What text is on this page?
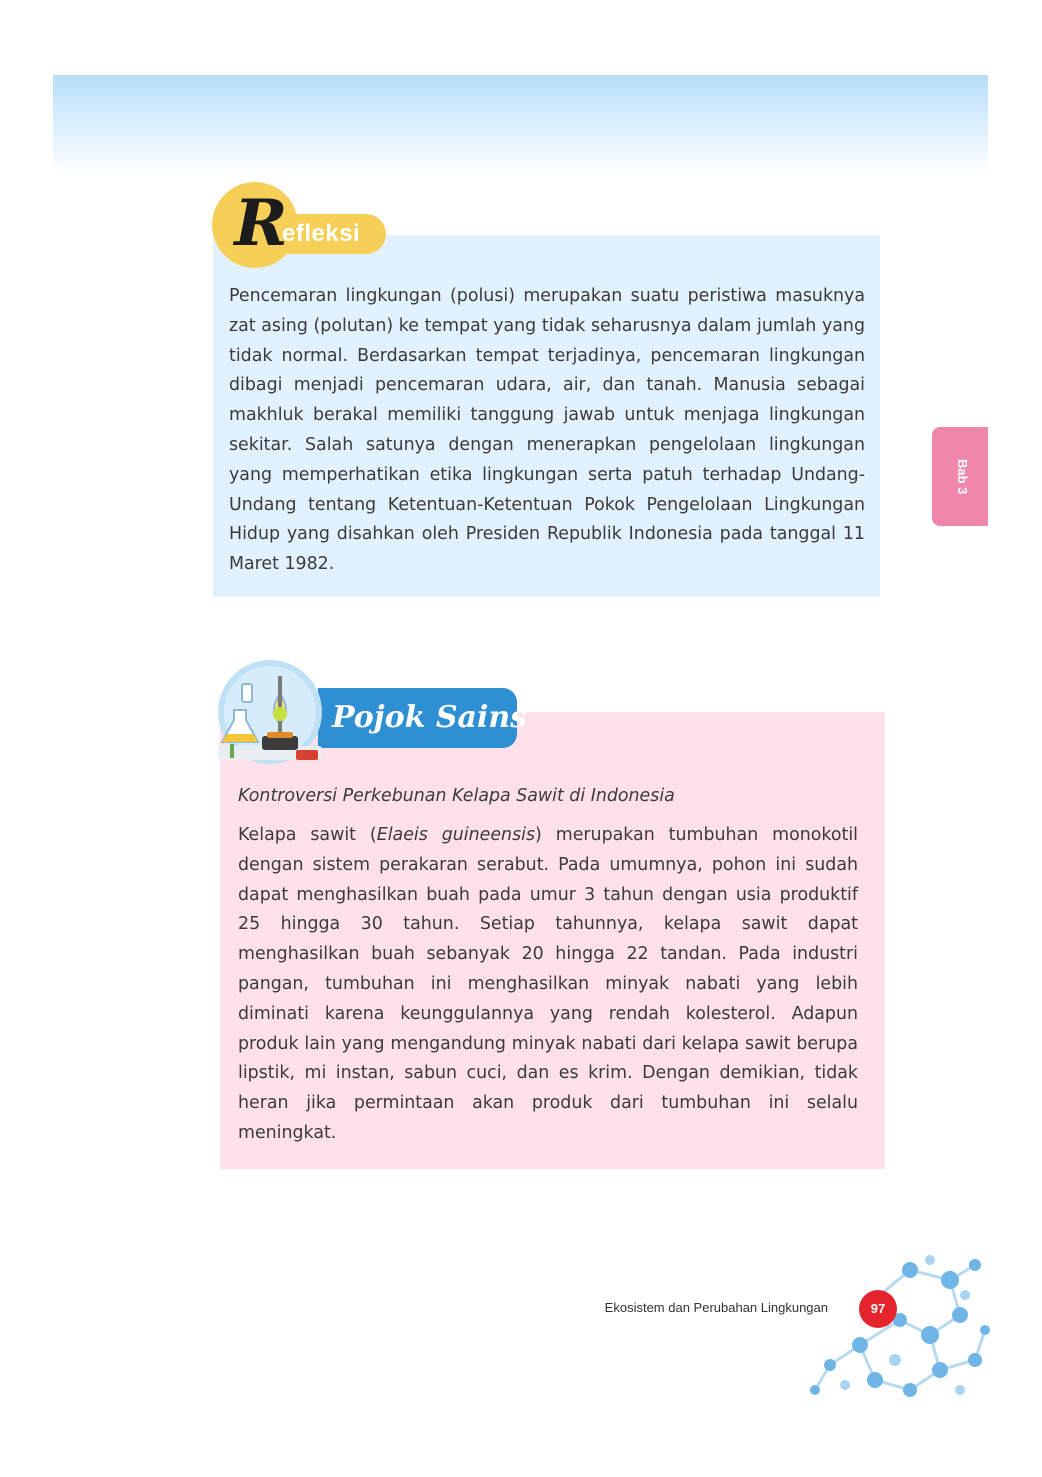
R
efleksi

Pencemaran lingkungan (polusi) merupakan suatu peristiwa masuknya zat asing (polutan) ke tempat yang tidak seharusnya dalam jumlah yang tidak normal. Berdasarkan tempat terjadinya, pencemaran lingkungan dibagi menjadi pencemaran udara, air, dan tanah. Manusia sebagai makhluk berakal memiliki tanggung jawab untuk menjaga lingkungan sekitar. Salah satunya dengan menerapkan pengelolaan lingkungan yang memperhatikan etika lingkungan serta patuh terhadap Undang-Undang tentang Ketentuan-Ketentuan Pokok Pengelolaan Lingkungan Hidup yang disahkan oleh Presiden Republik Indonesia pada tanggal 11 Maret 1982.

Bab 3
Pojok Sains

Kontroversi Perkebunan Kelapa Sawit di Indonesia

Kelapa sawit (Elaeis guineensis) merupakan tumbuhan monokotil dengan sistem perakaran serabut. Pada umumnya, pohon ini sudah dapat menghasilkan buah pada umur 3 tahun dengan usia produktif 25 hingga 30 tahun. Setiap tahunnya, kelapa sawit dapat menghasilkan buah sebanyak 20 hingga 22 tandan. Pada industri pangan, tumbuhan ini menghasilkan minyak nabati yang lebih diminati karena keunggulannya yang rendah kolesterol. Adapun produk lain yang mengandung minyak nabati dari kelapa sawit berupa lipstik, mi instan, sabun cuci, dan es krim. Dengan demikian, tidak heran jika permintaan akan produk dari tumbuhan ini selalu meningkat.

Ekosistem dan Perubahan Lingkungan	97
